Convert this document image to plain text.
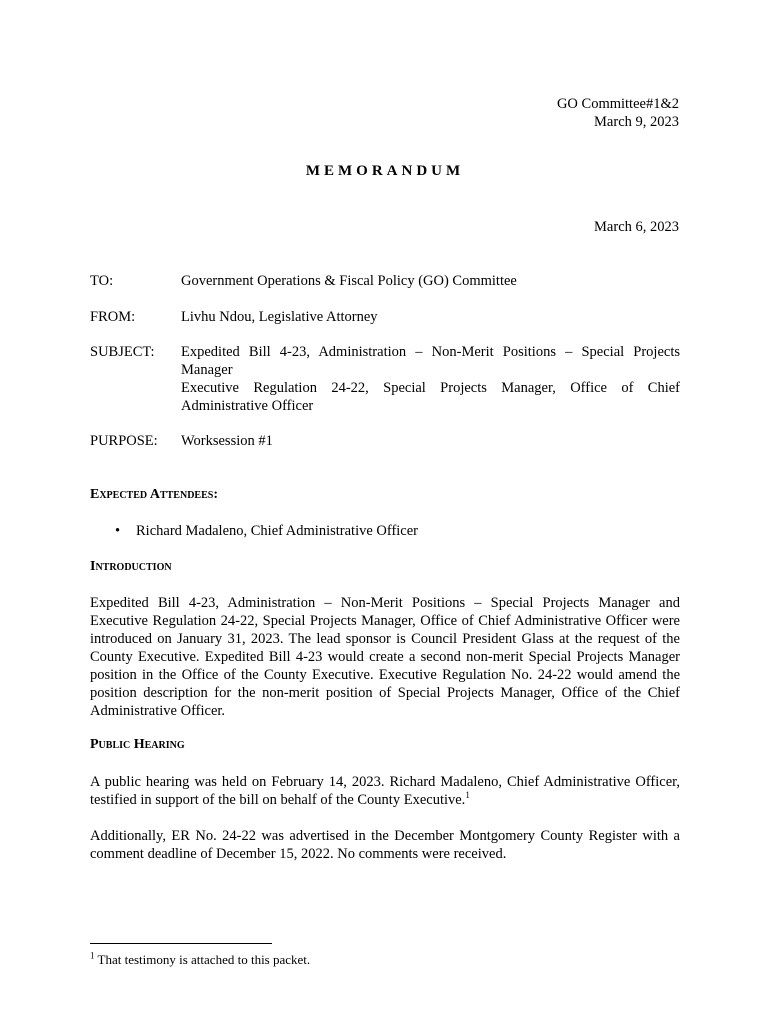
GO Committee#1&2
March 9, 2023
MEMORANDUM
March 6, 2023
TO:	Government Operations & Fiscal Policy (GO) Committee
FROM:	Livhu Ndou, Legislative Attorney
SUBJECT: Expedited Bill 4-23, Administration – Non-Merit Positions – Special Projects
Manager
Executive Regulation 24-22, Special Projects Manager, Office of Chief
Administrative Officer
PURPOSE: Worksession #1
Expected Attendees:
• Richard Madaleno, Chief Administrative Officer
Introduction

Expedited Bill 4-23, Administration – Non-Merit Positions – Special Projects Manager and Executive Regulation 24-22, Special Projects Manager, Office of Chief Administrative Officer were introduced on January 31, 2023. The lead sponsor is Council President Glass at the request of the County Executive. Expedited Bill 4-23 would create a second non-merit Special Projects Manager position in the Office of the County Executive. Executive Regulation No. 24-22 would amend the position description for the non-merit position of Special Projects Manager, Office of the Chief Administrative Officer.

Public Hearing

A public hearing was held on February 14, 2023. Richard Madaleno, Chief Administrative Officer, testified in support of the bill on behalf of the County Executive.$^1$

Additionally, ER No. 24-22 was advertised in the December Montgomery County Register with a comment deadline of December 15, 2022. No comments were received.

$^1$ That testimony is attached to this packet.
